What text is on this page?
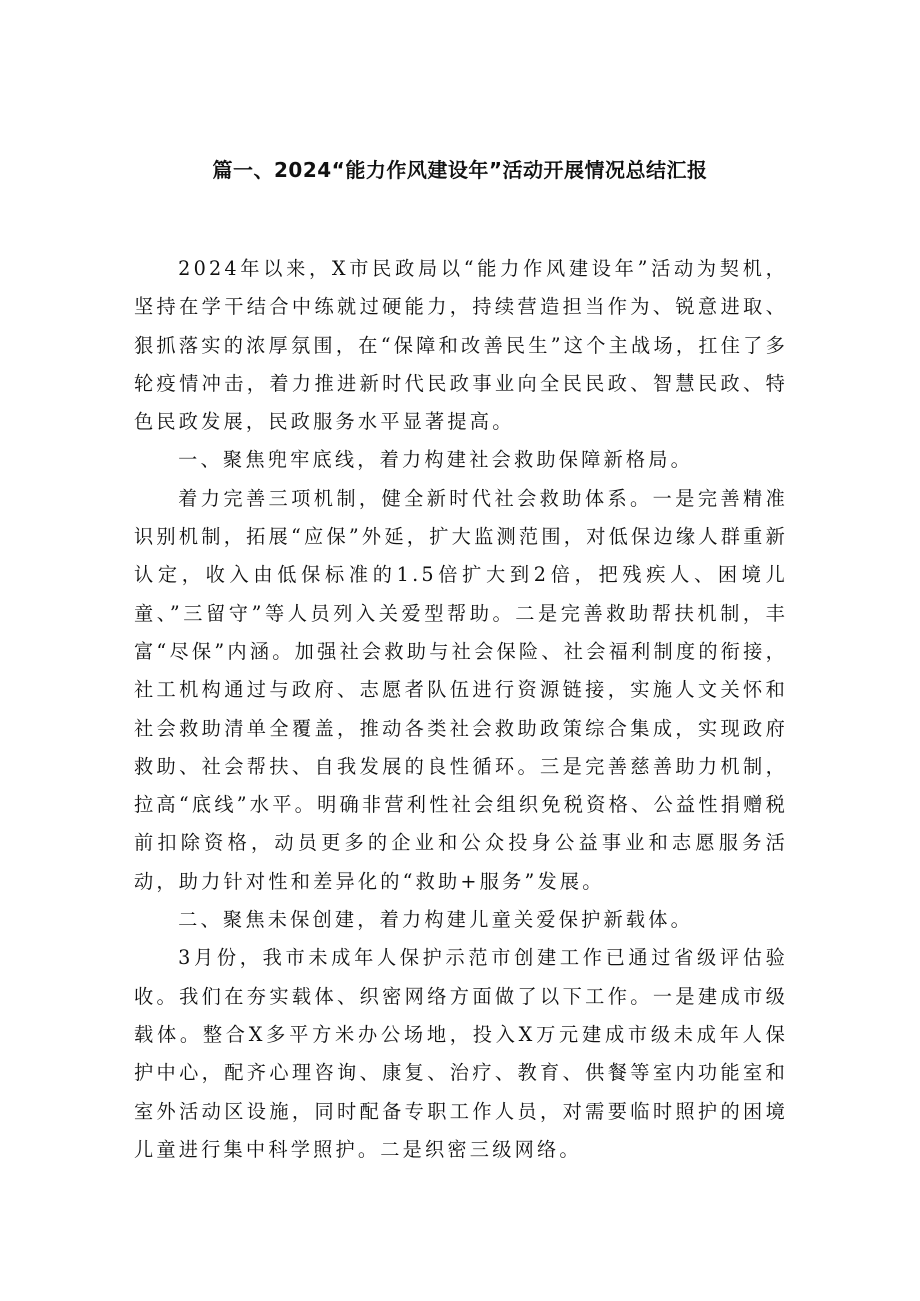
篇一、2024“能力作风建设年”活动开展情况总结汇报

2024年以来，X市民政局以“能力作风建设年”活动为契机，坚持在学干结合中练就过硬能力，持续营造担当作为、锐意进取、狠抓落实的浓厚氛围，在“保障和改善民生”这个主战场，扛住了多轮疫情冲击，着力推进新时代民政事业向全民民政、智慧民政、特色民政发展，民政服务水平显著提高。

一、聚焦兜牢底线，着力构建社会救助保障新格局。

着力完善三项机制，健全新时代社会救助体系。一是完善精准识别机制，拓展“应保”外延，扩大监测范围，对低保边缘人群重新认定，收入由低保标准的1.5倍扩大到2倍，把残疾人、困境儿童、”三留守”等人员列入关爱型帮助。二是完善救助帮扶机制，丰富“尽保”内涵。加强社会救助与社会保险、社会福利制度的衔接，社工机构通过与政府、志愿者队伍进行资源链接，实施人文关怀和社会救助清单全覆盖，推动各类社会救助政策综合集成，实现政府救助、社会帮扶、自我发展的良性循环。三是完善慈善助力机制，拉高“底线”水平。明确非营利性社会组织免税资格、公益性捐赠税前扣除资格，动员更多的企业和公众投身公益事业和志愿服务活动，助力针对性和差异化的“救助+服务”发展。

二、聚焦未保创建，着力构建儿童关爱保护新载体。

3月份，我市未成年人保护示范市创建工作已通过省级评估验收。我们在夯实载体、织密网络方面做了以下工作。一是建成市级载体。整合X多平方米办公场地，投入X万元建成市级未成年人保护中心，配齐心理咨询、康复、治疗、教育、供餐等室内功能室和室外活动区设施，同时配备专职工作人员，对需要临时照护的困境儿童进行集中科学照护。二是织密三级网络。
